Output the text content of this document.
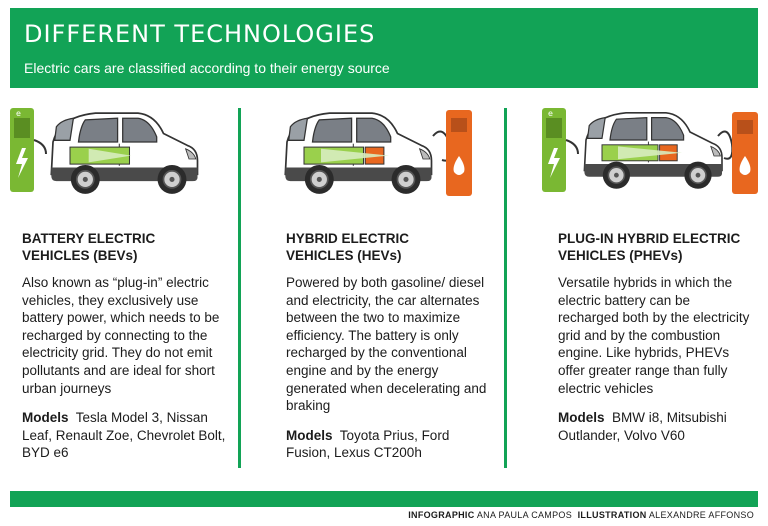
DIFFERENT TECHNOLOGIES
Electric cars are classified according to their energy source
e	e
BATTERY ELECTRIC
VEHICLES (BEVs)
Also known as “plug-in” electric vehicles, they exclusively use battery power, which needs to be recharged by connecting to the electricity grid. They do not emit pollutants and are ideal for short urban journeys
Models Tesla Model 3, Nissan Leaf, Renault Zoe, Chevrolet Bolt, BYD e6
HYBRID ELECTRIC
VEHICLES (HEVs)
Powered by both gasoline/ diesel and electricity, the car alternates between the two to maximize efficiency. The battery is only recharged by the conventional engine and by the energy generated when decelerating and braking
Models Toyota Prius, Ford Fusion, Lexus CT200h
PLUG-IN HYBRID ELECTRIC
VEHICLES (PHEVs)
Versatile hybrids in which the electric battery can be recharged both by the electricity grid and by the combustion engine. Like hybrids, PHEVs offer greater range than fully electric vehicles
Models BMW i8, Mitsubishi Outlander, Volvo V60
INFOGRAPHIC ANA PAULA CAMPOS ILLUSTRATION ALEXANDRE AFFONSO
